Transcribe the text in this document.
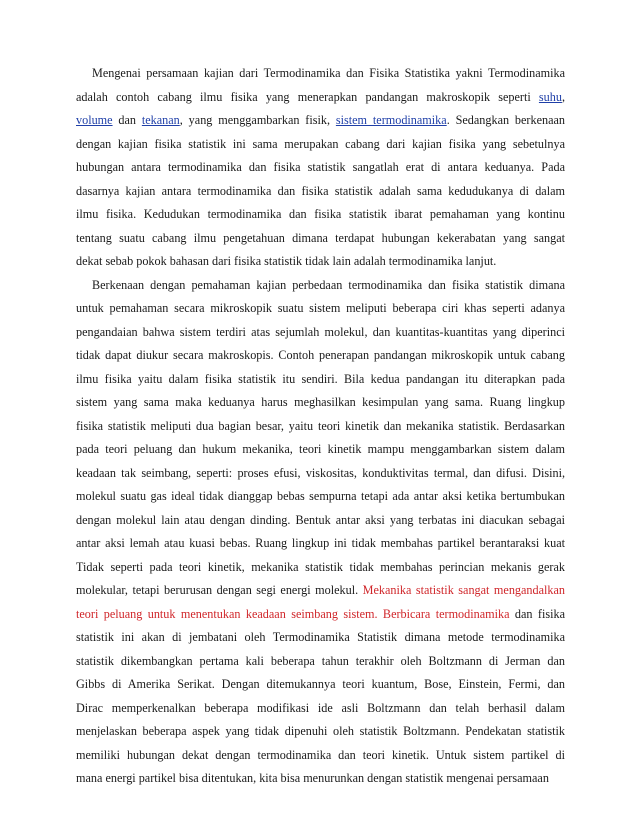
Mengenai persamaan kajian dari Termodinamika dan Fisika Statistika yakni Termodinamika
adalah contoh cabang ilmu fisika yang menerapkan pandangan makroskopik seperti suhu,
volume dan tekanan, yang menggambarkan fisik, sistem termodinamika. Sedangkan berkenaan
dengan kajian fisika statistik ini sama merupakan cabang dari kajian fisika yang sebetulnya
hubungan antara termodinamika dan fisika statistik sangatlah erat di antara keduanya. Pada
dasarnya kajian antara termodinamika dan fisika statistik adalah sama kedudukanya di dalam
ilmu fisika. Kedudukan termodinamika dan fisika statistik ibarat pemahaman yang kontinu
tentang suatu cabang ilmu pengetahuan dimana terdapat hubungan kekerabatan yang sangat
dekat sebab pokok bahasan dari fisika statistik tidak lain adalah termodinamika lanjut.
Berkenaan dengan pemahaman kajian perbedaan termodinamika dan fisika statistik dimana
untuk pemahaman secara mikroskopik suatu sistem meliputi beberapa ciri khas seperti adanya
pengandaian bahwa sistem terdiri atas sejumlah molekul, dan kuantitas-kuantitas yang diperinci
tidak dapat diukur secara makroskopis. Contoh penerapan pandangan mikroskopik untuk cabang
ilmu fisika yaitu dalam fisika statistik itu sendiri. Bila kedua pandangan itu diterapkan pada
sistem yang sama maka keduanya harus meghasilkan kesimpulan yang sama. Ruang lingkup
fisika statistik meliputi dua bagian besar, yaitu teori kinetik dan mekanika statistik. Berdasarkan
pada teori peluang dan hukum mekanika, teori kinetik mampu menggambarkan sistem dalam
keadaan tak seimbang, seperti: proses efusi, viskositas, konduktivitas termal, dan difusi. Disini,
molekul suatu gas ideal tidak dianggap bebas sempurna tetapi ada antar aksi ketika bertumbukan
dengan molekul lain atau dengan dinding. Bentuk antar aksi yang terbatas ini diacukan sebagai
antar aksi lemah atau kuasi bebas. Ruang lingkup ini tidak membahas partikel berantaraksi kuat
Tidak seperti pada teori kinetik, mekanika statistik tidak membahas perincian mekanis gerak
molekular, tetapi berurusan dengan segi energi molekul. Mekanika statistik sangat mengandalkan
teori peluang untuk menentukan keadaan seimbang sistem. Berbicara termodinamika dan fisika
statistik ini akan di jembatani oleh Termodinamika Statistik dimana metode termodinamika
statistik dikembangkan pertama kali beberapa tahun terakhir oleh Boltzmann di Jerman dan
Gibbs di Amerika Serikat. Dengan ditemukannya teori kuantum, Bose, Einstein, Fermi, dan
Dirac memperkenalkan beberapa modifikasi ide asli Boltzmann dan telah berhasil dalam
menjelaskan beberapa aspek yang tidak dipenuhi oleh statistik Boltzmann. Pendekatan statistik
memiliki hubungan dekat dengan termodinamika dan teori kinetik. Untuk sistem partikel di
mana energi partikel bisa ditentukan, kita bisa menurunkan dengan statistik mengenai persamaan
